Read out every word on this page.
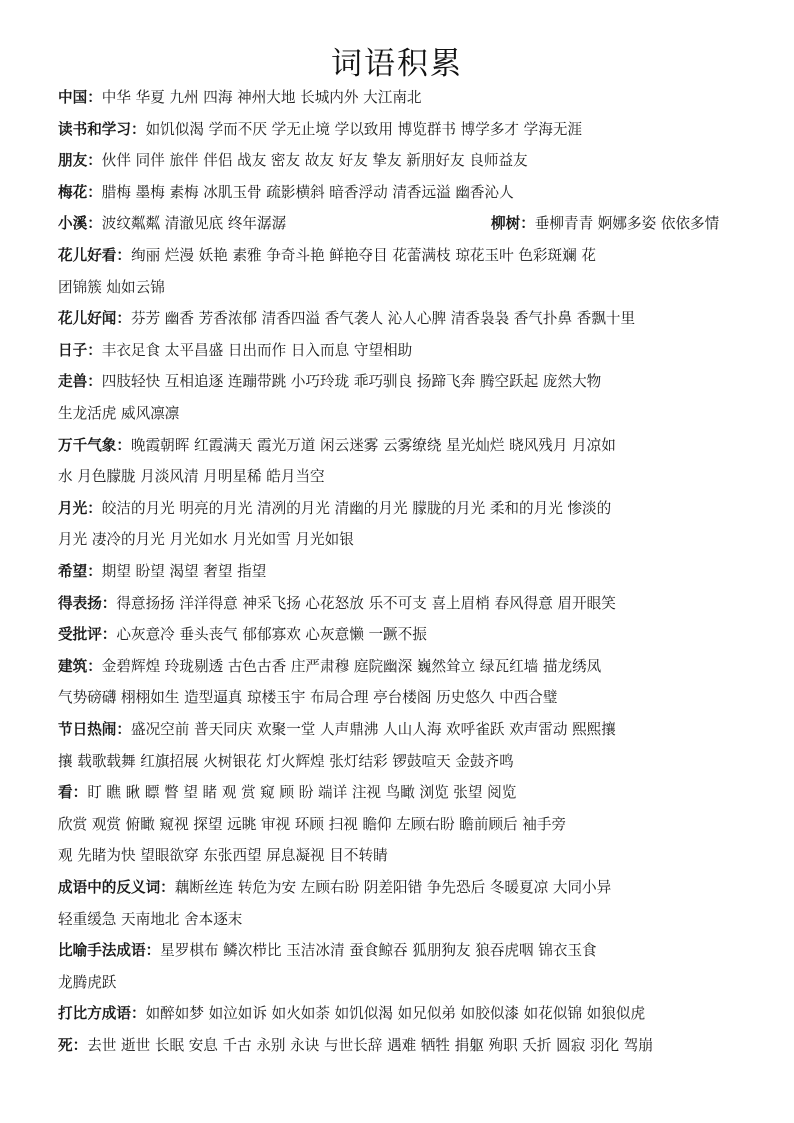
词语积累
中国：中华 华夏 九州 四海 神州大地 长城内外 大江南北
读书和学习：如饥似渴 学而不厌 学无止境 学以致用 博览群书 博学多才 学海无涯
朋友：伙伴 同伴 旅伴 伴侣 战友 密友 故友 好友 挚友 新朋好友 良师益友
梅花：腊梅 墨梅 素梅 冰肌玉骨 疏影横斜 暗香浮动 清香远溢 幽香沁人
小溪：波纹粼粼 清澈见底 终年潺潺	柳树：垂柳青青 婀娜多姿 依依多情
花儿好看：绚丽 烂漫 妖艳 素雅 争奇斗艳 鲜艳夺目 花蕾满枝 琼花玉叶 色彩斑斓 花
团锦簇 灿如云锦
花儿好闻：芬芳 幽香 芳香浓郁 清香四溢 香气袭人 沁人心脾 清香袅袅 香气扑鼻 香飘十里
日子：丰衣足食 太平昌盛 日出而作 日入而息 守望相助
走兽：四肢轻快 互相追逐 连蹦带跳 小巧玲珑 乖巧驯良 扬蹄飞奔 腾空跃起 庞然大物
生龙活虎 威风凛凛
万千气象：晚霞朝晖 红霞满天 霞光万道 闲云迷雾 云雾缭绕 星光灿烂 晓风残月 月凉如
水 月色朦胧 月淡风清 月明星稀 皓月当空
月光：皎洁的月光 明亮的月光 清冽的月光 清幽的月光 朦胧的月光 柔和的月光 惨淡的
月光 凄冷的月光 月光如水 月光如雪 月光如银
希望：期望 盼望 渴望 奢望 指望
得表扬：得意扬扬 洋洋得意 神采飞扬 心花怒放 乐不可支 喜上眉梢 春风得意 眉开眼笑
受批评：心灰意冷 垂头丧气 郁郁寡欢 心灰意懒 一蹶不振
建筑：金碧辉煌 玲珑剔透 古色古香 庄严肃穆 庭院幽深 巍然耸立 绿瓦红墙 描龙绣凤
气势磅礴 栩栩如生 造型逼真 琼楼玉宇 布局合理 亭台楼阁 历史悠久 中西合璧
节日热闹：盛况空前 普天同庆 欢聚一堂 人声鼎沸 人山人海 欢呼雀跃 欢声雷动 熙熙攘
攘 载歌载舞 红旗招展 火树银花 灯火辉煌 张灯结彩 锣鼓喧天 金鼓齐鸣
看：盯 瞧 瞅 瞟 瞥 望 睹 观 赏 窥 顾 盼 端详 注视 鸟瞰 浏览 张望 阅览
欣赏 观赏 俯瞰 窥视 探望 远眺 审视 环顾 扫视 瞻仰 左顾右盼 瞻前顾后 袖手旁
观 先睹为快 望眼欲穿 东张西望 屏息凝视 目不转睛
成语中的反义词：藕断丝连 转危为安 左顾右盼 阴差阳错 争先恐后 冬暖夏凉 大同小异
轻重缓急 天南地北 舍本逐末
比喻手法成语：星罗棋布 鳞次栉比 玉洁冰清 蚕食鲸吞 狐朋狗友 狼吞虎咽 锦衣玉食
龙腾虎跃
打比方成语：如醉如梦 如泣如诉 如火如荼 如饥似渴 如兄似弟 如胶似漆 如花似锦 如狼似虎
死：去世 逝世 长眠 安息 千古 永别 永诀 与世长辞 遇难 牺牲 捐躯 殉职 夭折 圆寂 羽化 驾崩
